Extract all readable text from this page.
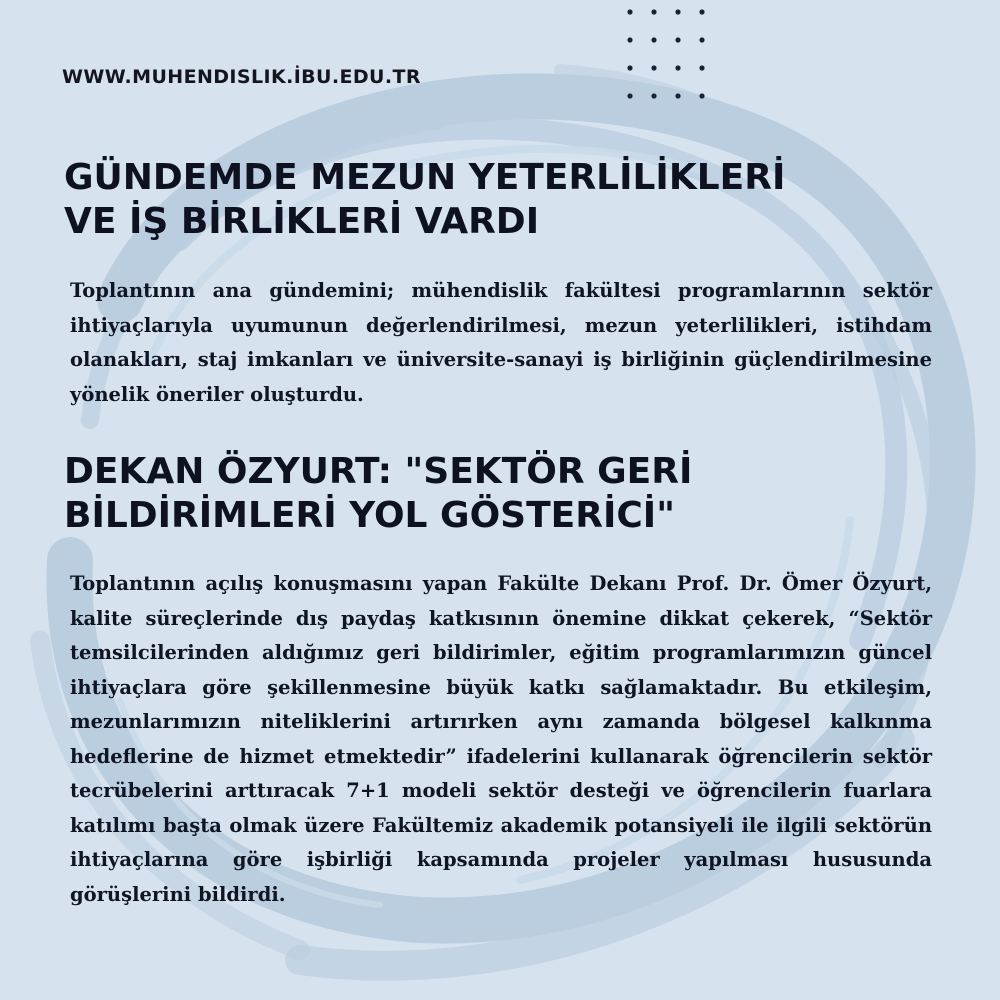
WWW.MUHENDISLIK.İBU.EDU.TR
GÜNDEMDE MEZUN YETERLİLİKLERİ
VE İŞ BİRLİKLERİ VARDI

Toplantının ana gündemini; mühendislik fakültesi programlarının sektör ihtiyaçlarıyla uyumunun değerlendirilmesi, mezun yeterlilikleri, istihdam olanakları, staj imkanları ve üniversite-sanayi iş birliğinin güçlendirilmesine yönelik öneriler oluşturdu.

DEKAN ÖZYURT: "SEKTÖR GERİ
BİLDİRİMLERİ YOL GÖSTERİCİ"

Toplantının açılış konuşmasını yapan Fakülte Dekanı Prof. Dr. Ömer Özyurt, kalite süreçlerinde dış paydaş katkısının önemine dikkat çekerek, “Sektör temsilcilerinden aldığımız geri bildirimler, eğitim programlarımızın güncel ihtiyaçlara göre şekillenmesine büyük katkı sağlamaktadır. Bu etkileşim, mezunlarımızın niteliklerini artırırken aynı zamanda bölgesel kalkınma hedeflerine de hizmet etmektedir” ifadelerini kullanarak öğrencilerin sektör tecrübelerini arttıracak 7+1 modeli sektör desteği ve öğrencilerin fuarlara katılımı başta olmak üzere Fakültemiz akademik potansiyeli ile ilgili sektörün ihtiyaçlarına göre işbirliği kapsamında projeler yapılması hususunda görüşlerini bildirdi.
